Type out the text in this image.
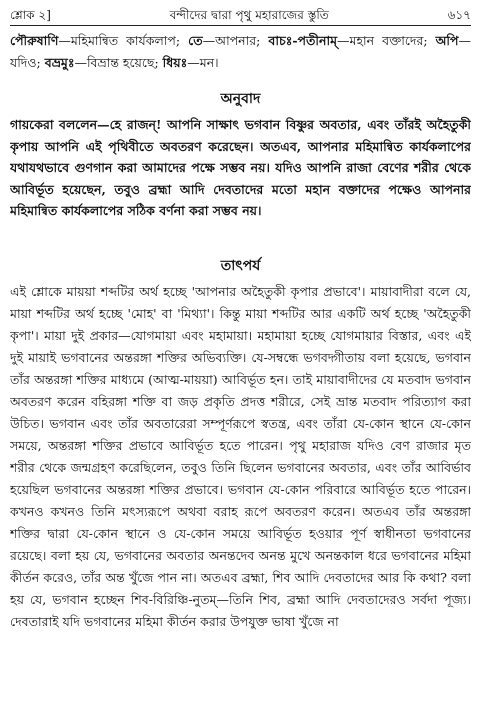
শ্লোক ২]	বন্দীদের দ্বারা পৃথু মহারাজের স্তুতি	৬১৭
পৌরুষাণি—মহিমান্বিত কার্যকলাপ; তে—আপনার; বাচঃ-পতীনাম্—মহান বক্তাদের; অপি—যদিও; বভ্রমুঃ—বিভ্রান্ত হয়েছে; ধিয়ঃ—মন।
অনুবাদ
গায়কেরা বললেন—হে রাজন্! আপনি সাক্ষাৎ ভগবান বিষ্ণুর অবতার, এবং তাঁরই অহৈতুকী কৃপায় আপনি এই পৃথিবীতে অবতরণ করেছেন। অতএব, আপনার মহিমান্বিত কার্যকলাপের যথাযথভাবে গুণগান করা আমাদের পক্ষে সম্ভব নয়। যদিও আপনি রাজা বেণের শরীর থেকে আবির্ভূত হয়েছেন, তবুও ব্রহ্মা আদি দেবতাদের মতো মহান বক্তাদের পক্ষেও আপনার মহিমান্বিত কার্যকলাপের সঠিক বর্ণনা করা সম্ভব নয়।
তাৎপর্য
এই শ্লোকে মায়য়া শব্দটির অর্থ হচ্ছে 'আপনার অহৈতুকী কৃপার প্রভাবে'। মায়াবাদীরা বলে যে, মায়া শব্দটির অর্থ হচ্ছে 'মোহ' বা 'মিথ্যা'। কিন্তু মায়া শব্দটির আর একটি অর্থ হচ্ছে 'অহৈতুকী কৃপা'। মায়া দুই প্রকার—যোগমায়া এবং মহামায়া। মহামায়া হচ্ছে যোগমায়ার বিস্তার, এবং এই দুই মায়াই ভগবানের অন্তরঙ্গা শক্তির অভিব্যক্তি। যে-সম্বন্ধে ভগবদ্গীতায় বলা হয়েছে, ভগবান তাঁর অন্তরঙ্গা শক্তির মাধ্যমে (আত্ম-মায়য়া) আবির্ভূত হন। তাই মায়াবাদীদের যে মতবাদ ভগবান অবতরণ করেন বহিরঙ্গা শক্তি বা জড় প্রকৃতি প্রদত্ত শরীরে, সেই ভ্রান্ত মতবাদ পরিত্যাগ করা উচিত। ভগবান এবং তাঁর অবতারেরা সম্পূর্ণরূপে স্বতন্ত্র, এবং তাঁরা যে-কোন স্থানে যে-কোন সময়ে, অন্তরঙ্গা শক্তির প্রভাবে আবির্ভূত হতে পারেন। পৃথু মহারাজ যদিও বেণ রাজার মৃত শরীর থেকে জন্মগ্রহণ করেছিলেন, তবুও তিনি ছিলেন ভগবানের অবতার, এবং তাঁর আবির্ভাব হয়েছিল ভগবানের অন্তরঙ্গা শক্তির প্রভাবে। ভগবান যে-কোন পরিবারে আবির্ভূত হতে পারেন। কখনও কখনও তিনি মৎস্যরূপে অথবা বরাহ রূপে অবতরণ করেন। অতএব তাঁর অন্তরঙ্গা শক্তির দ্বারা যে-কোন স্থানে ও যে-কোন সময়ে আবির্ভূত হওয়ার পূর্ণ স্বাধীনতা ভগবানের রয়েছে। বলা হয় যে, ভগবানের অবতার অনন্তদেব অনন্ত মুখে অনন্তকাল ধরে ভগবানের মহিমা কীর্তন করেও, তাঁর অন্ত খুঁজে পান না। অতএব ব্রহ্মা, শিব আদি দেবতাদের আর কি কথা? বলা হয় যে, ভগবান হচ্ছেন শিব-বিরিঞ্চি-নুতম্—তিনি শিব, ব্রহ্মা আদি দেবতাদেরও সর্বদা পূজ্য। দেবতারাই যদি ভগবানের মহিমা কীর্তন করার উপযুক্ত ভাষা খুঁজে না
